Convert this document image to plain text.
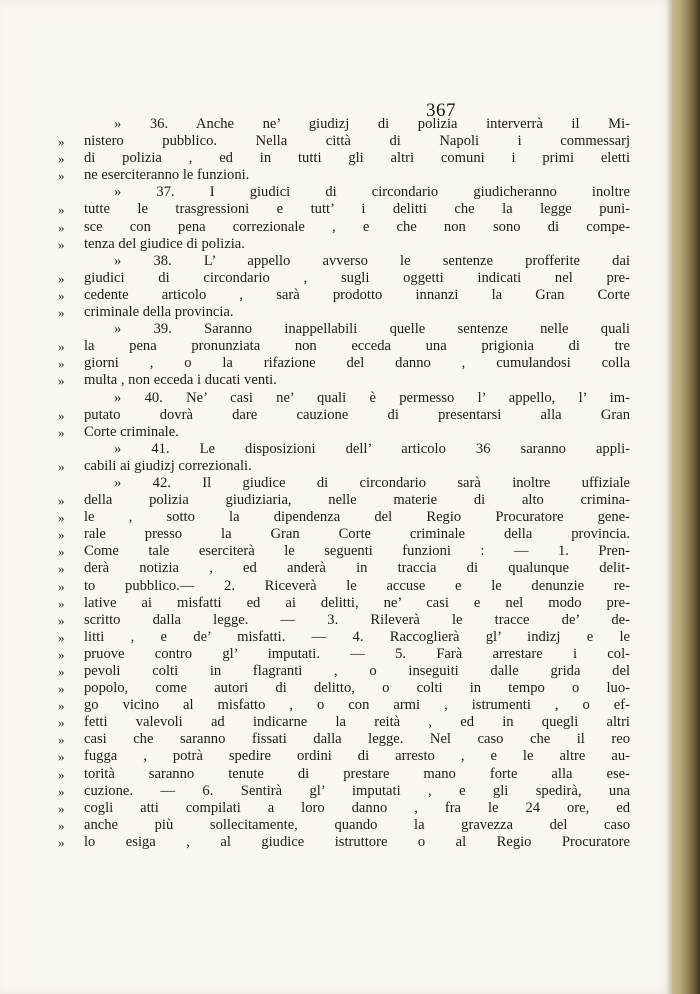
367
» 36. Anche ne’ giudizj di polizia interverrà il Mi-
»	nistero pubblico. Nella città di Napoli i commessarj
»	di polizia , ed in tutti gli altri comuni i primi eletti
»	ne eserciteranno le funzioni.
» 37. I giudici di circondario giudicheranno inoltre
»	tutte le trasgressioni e tutt’ i delitti che la legge puni-
»	sce con pena correzionale , e che non sono di compe-
»	tenza del giudice di polizia.
» 38. L’ appello avverso le sentenze profferite dai
»	giudici di circondario , sugli oggetti indicati nel pre-
»	cedente articolo , sarà prodotto innanzi la Gran Corte
»	criminale della provincia.
» 39. Saranno inappellabili quelle sentenze nelle quali
»	la pena pronunziata non ecceda una prigionia di tre
»	giorni , o la rifazione del danno , cumulandosi colla
»	multa , non ecceda i ducati venti.
» 40. Ne’ casi ne’ quali è permesso l’ appello, l’ im-
»	putato dovrà dare cauzione di presentarsi alla Gran
»	Corte criminale.
» 41. Le disposizioni dell’ articolo 36 saranno appli-
»	cabili ai giudizj correzionali.
» 42. Il giudice di circondario sarà inoltre uffiziale
»	della polizia giudiziaria, nelle materie di alto crimina-
»	le , sotto la dipendenza del Regio Procuratore gene-
»	rale presso la Gran Corte criminale della provincia.
»	Come tale eserciterà le seguenti funzioni : — 1. Pren-
»	derà notizia , ed anderà in traccia di qualunque delit-
»	to pubblico.— 2. Riceverà le accuse e le denunzie re-
»	lative ai misfatti ed ai delitti, ne’ casi e nel modo pre-
»	scritto dalla legge. — 3. Rileverà le tracce de’ de-
»	litti , e de’ misfatti. — 4. Raccoglierà gl’ indizj e le
»	pruove contro gl’ imputati. — 5. Farà arrestare i col-
»	pevoli colti in flagranti , o inseguiti dalle grida del
»	popolo, come autori di delitto, o colti in tempo o luo-
»	go vicino al misfatto , o con armi , istrumenti , o ef-
»	fetti valevoli ad indicarne la reità , ed in quegli altri
»	casi che saranno fissati dalla legge. Nel caso che il reo
»	fugga , potrà spedire ordini di arresto , e le altre au-
»	torità saranno tenute di prestare mano forte alla ese-
»	cuzione. — 6. Sentirà gl’ imputati , e gli spedirà, una
»	cogli atti compilati a loro danno , fra le 24 ore, ed
»	anche più sollecitamente, quando la gravezza del caso
»	lo esiga , al giudice istruttore o al Regio Procuratore
